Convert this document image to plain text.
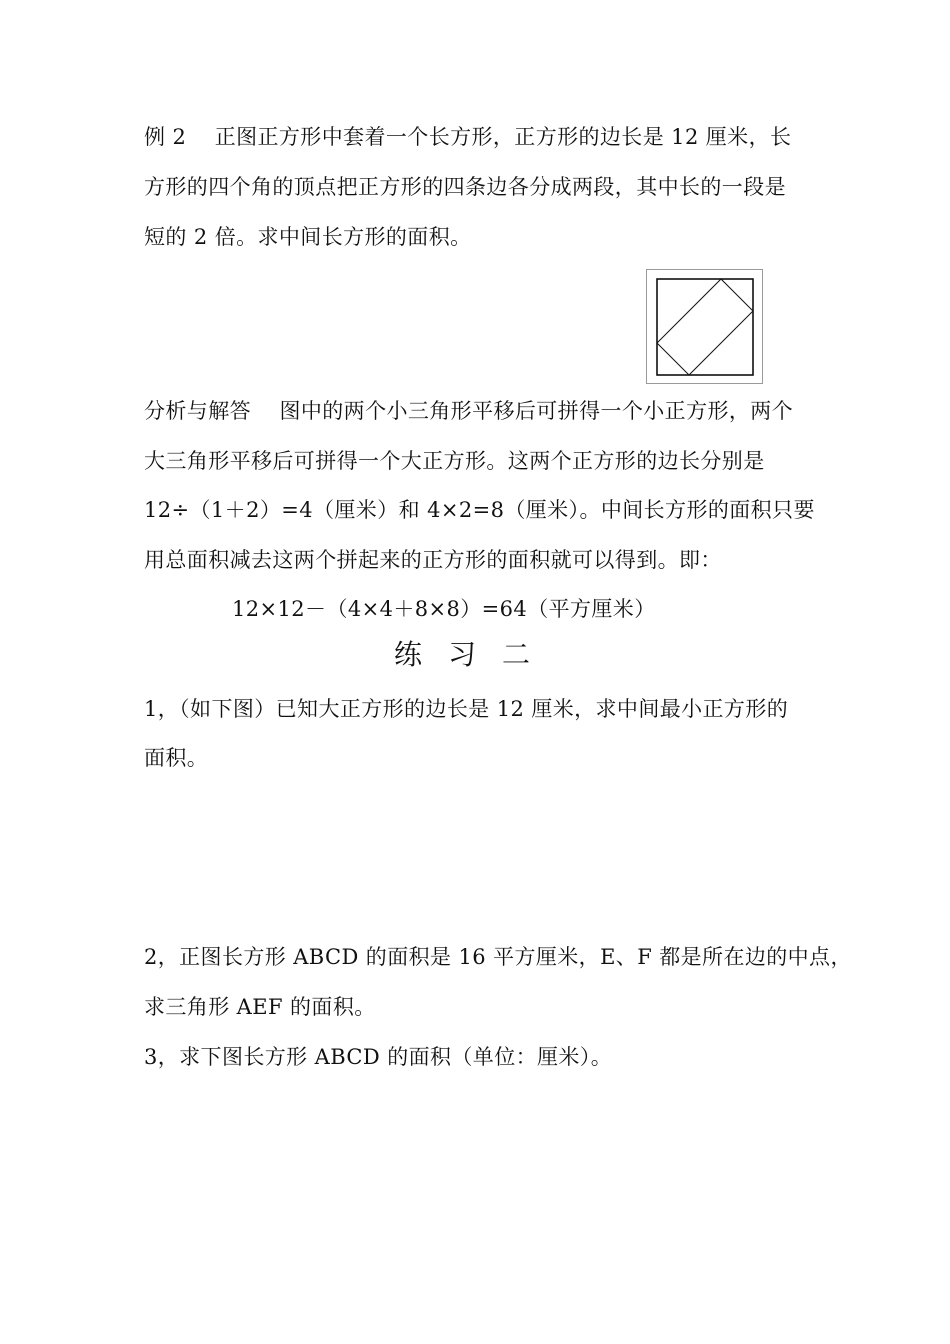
例 2　 正图正方形中套着一个长方形，正方形的边长是 12 厘米，长
方形的四个角的顶点把正方形的四条边各分成两段，其中长的一段是
短的 2 倍。求中间长方形的面积。
分析与解答　 图中的两个小三角形平移后可拼得一个小正方形，两个
大三角形平移后可拼得一个大正方形。这两个正方形的边长分别是
12÷（1＋2）=4（厘米）和 4×2=8（厘米）。中间长方形的面积只要
用总面积减去这两个拼起来的正方形的面积就可以得到。即：
12×12－（4×4＋8×8）=64（平方厘米）
练习二
1，（如下图）已知大正方形的边长是 12 厘米，求中间最小正方形的
面积。
2，正图长方形 ABCD 的面积是 16 平方厘米，E、F 都是所在边的中点，
求三角形 AEF 的面积。
3，求下图长方形 ABCD 的面积（单位：厘米）。
